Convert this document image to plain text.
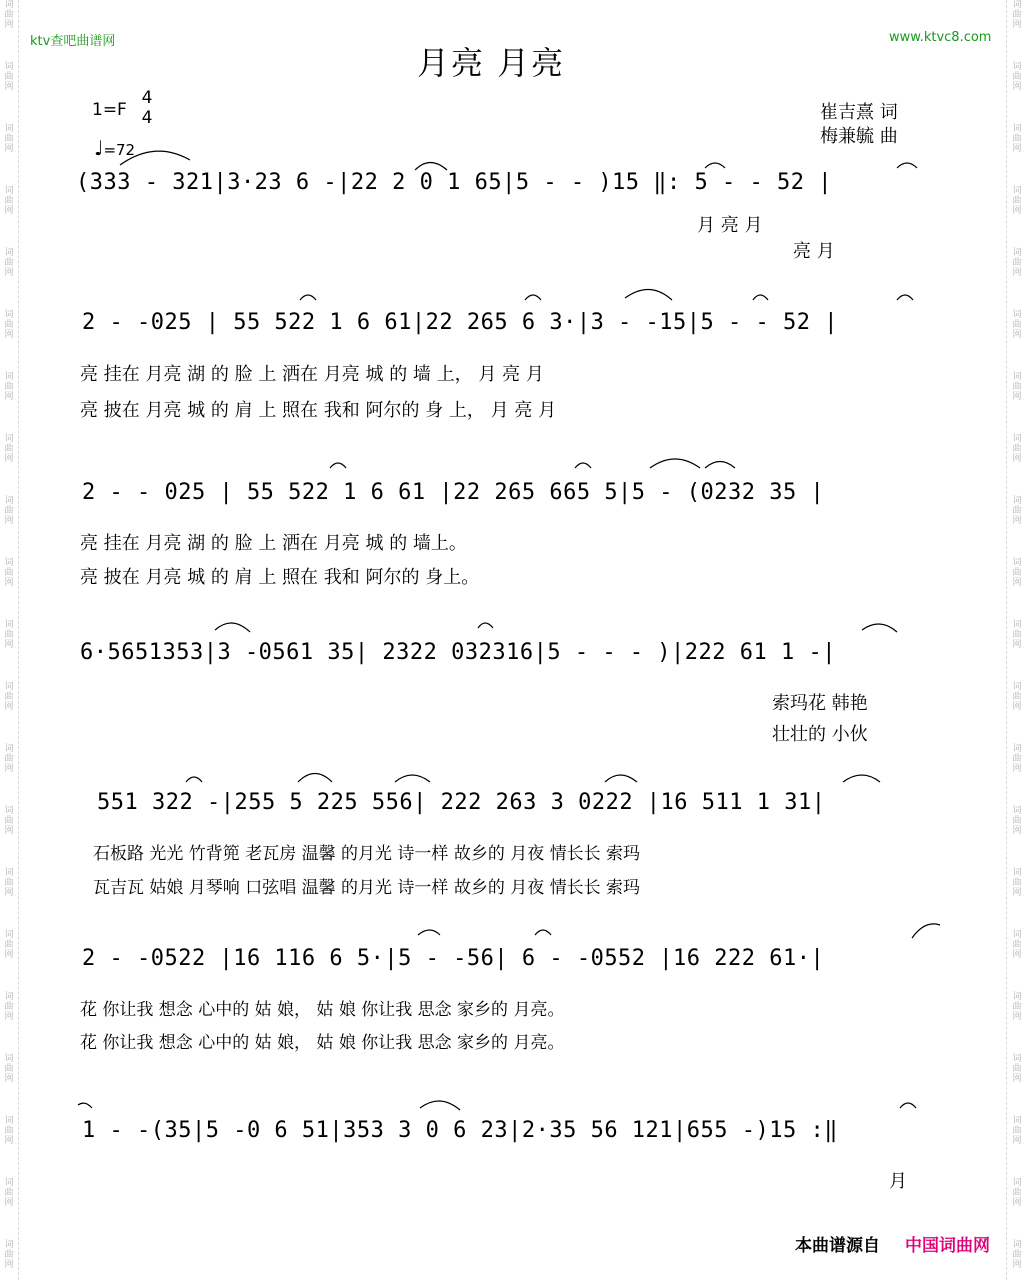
词
曲
网
词
曲
网
词
曲
网
词
曲
网
词
曲
网
词
曲
网
词
曲
网
词
曲
网
词
曲
网
词
曲
网
词
曲
网
词
曲
网
词
曲
网
词
曲
网
词
曲
网
词
曲
网
词
曲
网
词
曲
网
词
曲
网
词
曲
网
词
曲
网
词
曲
网
词
曲
网
词
曲
网
词
曲
网
词
曲
网
词
曲
网
词
曲
网
词
曲
网
词
曲
网
词
曲
网
词
曲
网
词
曲
网
词
曲
网
词
曲
网
词
曲
网
词
曲
网
词
曲
网
词
曲
网
词
曲
网
词
曲
网
词
曲
网
ktv查吧曲谱网	www.ktvc8.com
月亮 月亮
1=F
4
4
♩=72
崔吉熹 词
梅兼毓 曲
(333 - 321|3·23 6 -|22 2 0 1 65|5 - - )15 ‖: 5 - - 52 |
月 亮 月
亮 月
2 - -025 | 55 522 1 6 61|22 265 6 3·|3 - -15|5 - - 52 |
亮 挂在 月亮 湖 的 脸 上 洒在 月亮 城 的 墙 上， 月 亮 月
亮 披在 月亮 城 的 肩 上 照在 我和 阿尔的 身 上， 月 亮 月
2 - - 025 | 55 522 1 6 61 |22 265 665 5|5 - (0232 35 |
亮 挂在 月亮 湖 的 脸 上 洒在 月亮 城 的 墙上。
亮 披在 月亮 城 的 肩 上 照在 我和 阿尔的 身上。
6·5651353|3 -0561 35| 2322 032316|5 - - - )|222 61 1 -|
索玛花 韩艳
壮壮的 小伙
551 322 -|255 5 225 556| 222 263 3 0222 |16 511 1 31|
石板路 光光 竹背篼 老瓦房 温馨 的月光 诗一样 故乡的 月夜 情长长 索玛
瓦吉瓦 姑娘 月琴响 口弦唱 温馨 的月光 诗一样 故乡的 月夜 情长长 索玛
2 - -0522 |16 116 6 5·|5 - -56| 6 - -0552 |16 222 61·|
花 你让我 想念 心中的 姑 娘， 姑 娘 你让我 思念 家乡的 月亮。
花 你让我 想念 心中的 姑 娘， 姑 娘 你让我 思念 家乡的 月亮。
1 - -(35|5 -0 6 51|353 3 0 6 23|2·35 56 121|655 -)15 :‖
月
本曲谱源自 中国词曲网
